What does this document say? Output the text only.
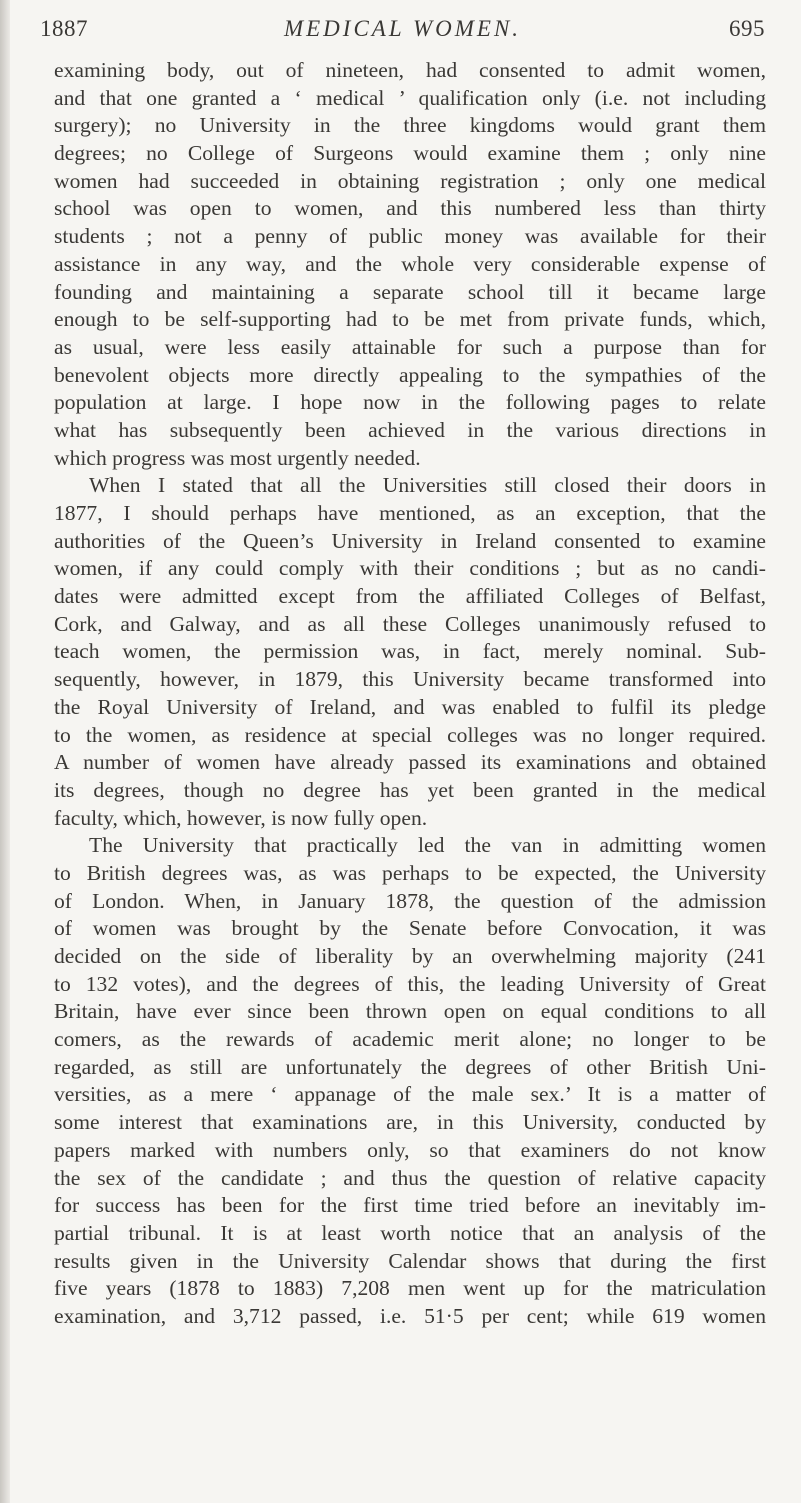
1887	MEDICAL WOMEN.	695
examining body, out of nineteen, had consented to admit women,
and that one granted a ‘ medical ’ qualification only (i.e. not including
surgery); no University in the three kingdoms would grant them
degrees; no College of Surgeons would examine them ; only nine
women had succeeded in obtaining registration ; only one medical
school was open to women, and this numbered less than thirty
students ; not a penny of public money was available for their
assistance in any way, and the whole very considerable expense of
founding and maintaining a separate school till it became large
enough to be self-supporting had to be met from private funds, which,
as usual, were less easily attainable for such a purpose than for
benevolent objects more directly appealing to the sympathies of the
population at large. I hope now in the following pages to relate
what has subsequently been achieved in the various directions in
which progress was most urgently needed.
When I stated that all the Universities still closed their doors in
1877, I should perhaps have mentioned, as an exception, that the
authorities of the Queen’s University in Ireland consented to examine
women, if any could comply with their conditions ; but as no candi-
dates were admitted except from the affiliated Colleges of Belfast,
Cork, and Galway, and as all these Colleges unanimously refused to
teach women, the permission was, in fact, merely nominal. Sub-
sequently, however, in 1879, this University became transformed into
the Royal University of Ireland, and was enabled to fulfil its pledge
to the women, as residence at special colleges was no longer required.
A number of women have already passed its examinations and obtained
its degrees, though no degree has yet been granted in the medical
faculty, which, however, is now fully open.
The University that practically led the van in admitting women
to British degrees was, as was perhaps to be expected, the University
of London. When, in January 1878, the question of the admission
of women was brought by the Senate before Convocation, it was
decided on the side of liberality by an overwhelming majority (241
to 132 votes), and the degrees of this, the leading University of Great
Britain, have ever since been thrown open on equal conditions to all
comers, as the rewards of academic merit alone; no longer to be
regarded, as still are unfortunately the degrees of other British Uni-
versities, as a mere ‘ appanage of the male sex.’ It is a matter of
some interest that examinations are, in this University, conducted by
papers marked with numbers only, so that examiners do not know
the sex of the candidate ; and thus the question of relative capacity
for success has been for the first time tried before an inevitably im-
partial tribunal. It is at least worth notice that an analysis of the
results given in the University Calendar shows that during the first
five years (1878 to 1883) 7,208 men went up for the matriculation
examination, and 3,712 passed, i.e. 51·5 per cent; while 619 women
